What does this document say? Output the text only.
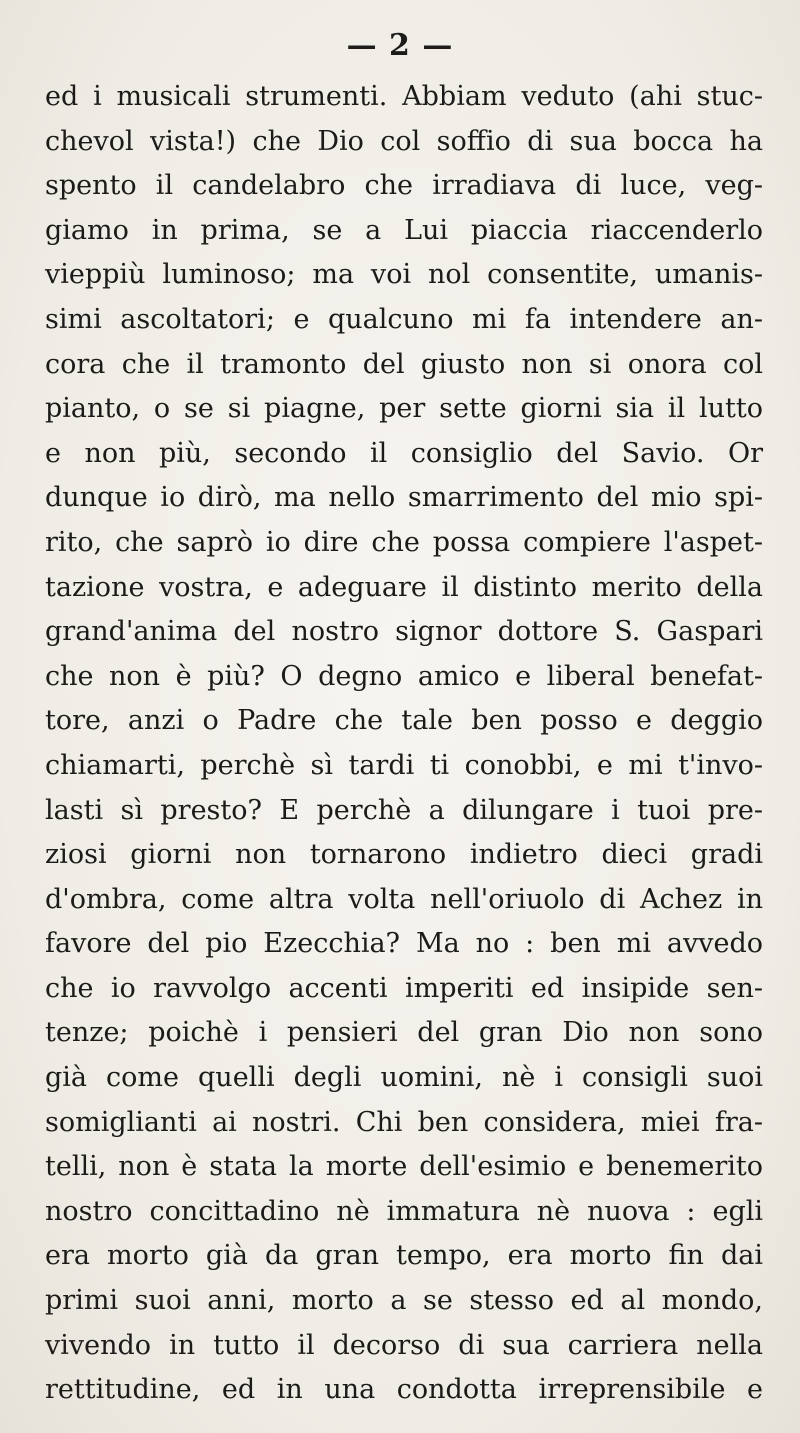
— 2 —
ed i musicali strumenti. Abbiam veduto (ahi stuc-
chevol vista!) che Dio col soffio di sua bocca ha
spento il candelabro che irradiava di luce, veg-
giamo in prima, se a Lui piaccia riaccenderlo
vieppiù luminoso; ma voi nol consentite, umanis-
simi ascoltatori; e qualcuno mi fa intendere an-
cora che il tramonto del giusto non si onora col
pianto, o se si piagne, per sette giorni sia il lutto
e non più, secondo il consiglio del Savio. Or
dunque io dirò, ma nello smarrimento del mio spi-
rito, che saprò io dire che possa compiere l'aspet-
tazione vostra, e adeguare il distinto merito della
grand'anima del nostro signor dottore S. Gaspari
che non è più? O degno amico e liberal benefat-
tore, anzi o Padre che tale ben posso e deggio
chiamarti, perchè sì tardi ti conobbi, e mi t'invo-
lasti sì presto? E perchè a dilungare i tuoi pre-
ziosi giorni non tornarono indietro dieci gradi
d'ombra, come altra volta nell'oriuolo di Achez in
favore del pio Ezecchia? Ma no : ben mi avvedo
che io ravvolgo accenti imperiti ed insipide sen-
tenze; poichè i pensieri del gran Dio non sono
già come quelli degli uomini, nè i consigli suoi
somiglianti ai nostri. Chi ben considera, miei fra-
telli, non è stata la morte dell'esimio e benemerito
nostro concittadino nè immatura nè nuova : egli
era morto già da gran tempo, era morto fin dai
primi suoi anni, morto a se stesso ed al mondo,
vivendo in tutto il decorso di sua carriera nella
rettitudine, ed in una condotta irreprensibile e
